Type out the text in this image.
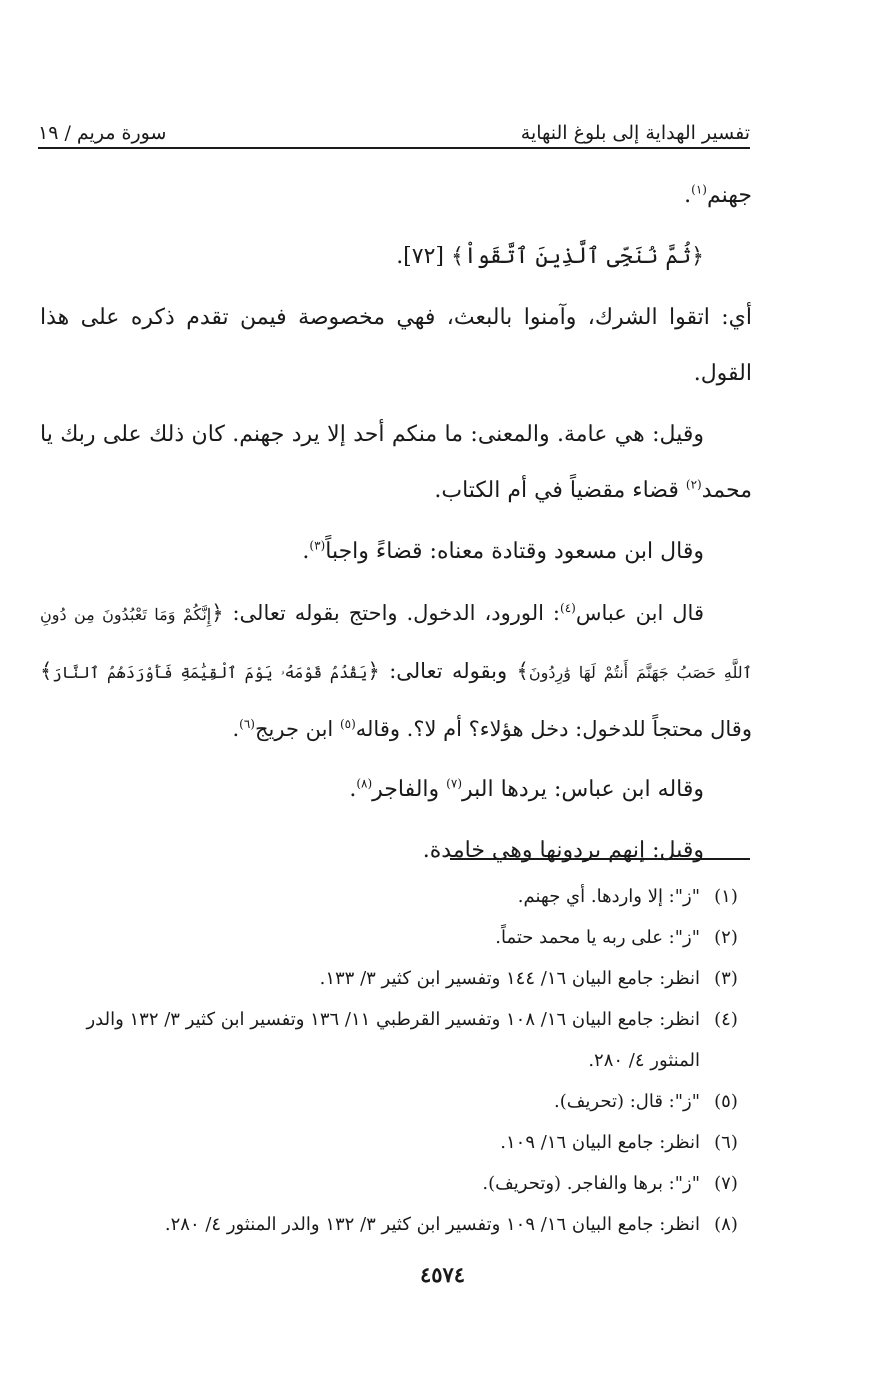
تفسير الهداية إلى بلوغ النهاية
سورة مريم / ١٩

جهنم$^{(١)}$.

﴿ثُمَّ نُنَجِّى ٱلَّذِينَ ٱتَّقَواْ﴾ [٧٢].

أي: اتقوا الشرك، وآمنوا بالبعث، فهي مخصوصة فيمن تقدم ذكره على هذا القول.

وقيل: هي عامة. والمعنى: ما منكم أحد إلا يرد جهنم. كان ذلك على ربك يا محمد$^{(٢)}$ قضاء مقضياً في أم الكتاب.

وقال ابن مسعود وقتادة معناه: قضاءً واجباً$^{(٣)}$.

قال ابن عباس$^{(٤)}$: الورود، الدخول. واحتج بقوله تعالى: ﴿إِنَّكُمْ وَمَا تَعْبُدُونَ مِن دُونِ ٱللَّهِ حَصَبُ جَهَنَّمَ أَنتُمْ لَهَا وَٰرِدُونَ﴾ وبقوله تعالى: ﴿يَقْدُمُ قَوْمَهُۥ يَوْمَ ٱلْقِيَٰمَةِ فَأَوْرَدَهُمُ ٱلنَّارَ﴾ وقال محتجاً للدخول: دخل هؤلاء؟ أم لا؟. وقاله$^{(٥)}$ ابن جريج$^{(٦)}$.

وقاله ابن عباس: يردها البر$^{(٧)}$ والفاجر$^{(٨)}$.

وقيل: إنهم يردونها وهي خامدة.

(١)
"ز": إلا واردها. أي جهنم.
(٢)
"ز": على ربه يا محمد حتماً.
(٣)
انظر: جامع البيان ١٦/ ١٤٤ وتفسير ابن كثير ٣/ ١٣٣.
(٤)
انظر: جامع البيان ١٦/ ١٠٨ وتفسير القرطبي ١١/ ١٣٦ وتفسير ابن كثير ٣/ ١٣٢ والدر المنثور ٤/ ٢٨٠.
(٥)
"ز": قال: (تحريف).
(٦)
انظر: جامع البيان ١٦/ ١٠٩.
(٧)
"ز": برها والفاجر. (وتحريف).
(٨)
انظر: جامع البيان ١٦/ ١٠٩ وتفسير ابن كثير ٣/ ١٣٢ والدر المنثور ٤/ ٢٨٠.
٤٥٧٤
